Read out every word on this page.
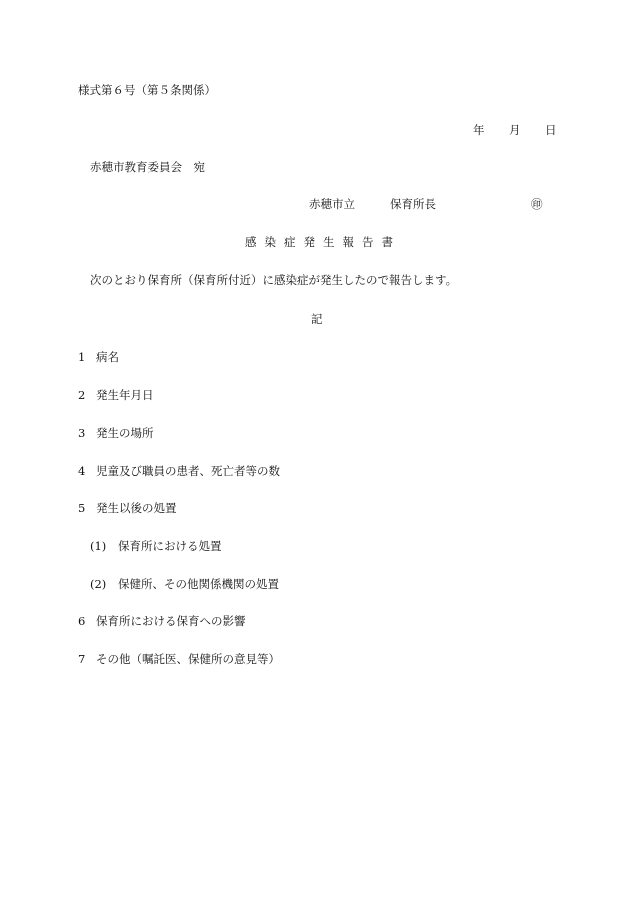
様式第６号（第５条関係）
年 月 日
赤穂市教育委員会　宛
赤穂市立	保育所長	㊞
感染症発生報告書
次のとおり保育所（保育所付近）に感染症が発生したので報告します。
記
1 病名
2 発生年月日
3 発生の場所
4 児童及び職員の患者、死亡者等の数
5 発生以後の処置
(1) 保育所における処置
(2) 保健所、その他関係機関の処置
6 保育所における保育への影響
7 その他（嘱託医、保健所の意見等）
